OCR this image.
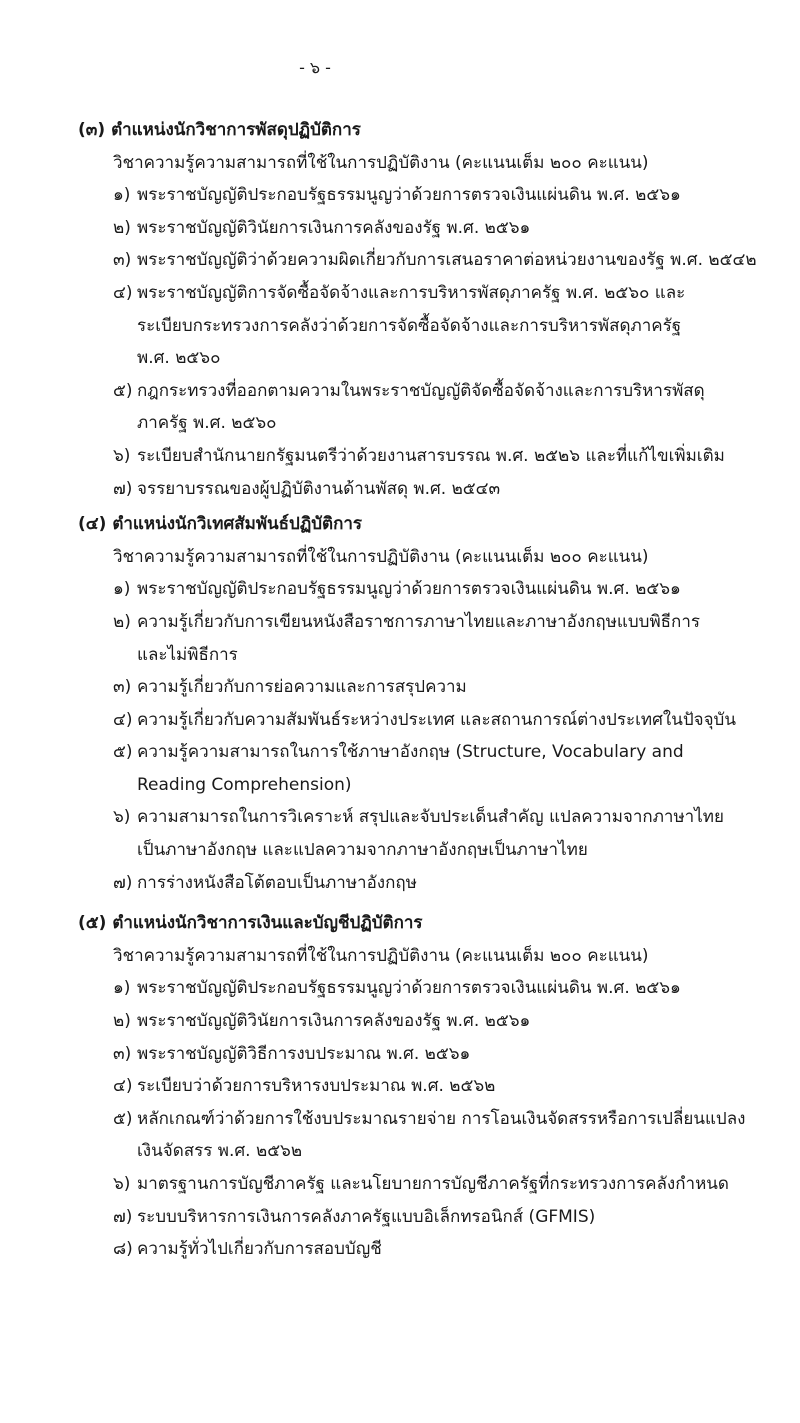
- ๖ -
(๓) ตำแหน่งนักวิชาการพัสดุปฏิบัติการ
วิชาความรู้ความสามารถที่ใช้ในการปฏิบัติงาน (คะแนนเต็ม ๒๐๐ คะแนน)
๑) พระราชบัญญัติประกอบรัฐธรรมนูญว่าด้วยการตรวจเงินแผ่นดิน พ.ศ. ๒๕๖๑
๒) พระราชบัญญัติวินัยการเงินการคลังของรัฐ พ.ศ. ๒๕๖๑
๓) พระราชบัญญัติว่าด้วยความผิดเกี่ยวกับการเสนอราคาต่อหน่วยงานของรัฐ พ.ศ. ๒๕๔๒
๔) พระราชบัญญัติการจัดซื้อจัดจ้างและการบริหารพัสดุภาครัฐ พ.ศ. ๒๕๖๐ และ
ระเบียบกระทรวงการคลังว่าด้วยการจัดซื้อจัดจ้างและการบริหารพัสดุภาครัฐ
พ.ศ. ๒๕๖๐
๕) กฎกระทรวงที่ออกตามความในพระราชบัญญัติจัดซื้อจัดจ้างและการบริหารพัสดุ
ภาครัฐ พ.ศ. ๒๕๖๐
๖) ระเบียบสำนักนายกรัฐมนตรีว่าด้วยงานสารบรรณ พ.ศ. ๒๕๒๖ และที่แก้ไขเพิ่มเติม
๗) จรรยาบรรณของผู้ปฏิบัติงานด้านพัสดุ พ.ศ. ๒๕๔๓
(๔) ตำแหน่งนักวิเทศสัมพันธ์ปฏิบัติการ
วิชาความรู้ความสามารถที่ใช้ในการปฏิบัติงาน (คะแนนเต็ม ๒๐๐ คะแนน)
๑) พระราชบัญญัติประกอบรัฐธรรมนูญว่าด้วยการตรวจเงินแผ่นดิน พ.ศ. ๒๕๖๑
๒) ความรู้เกี่ยวกับการเขียนหนังสือราชการภาษาไทยและภาษาอังกฤษแบบพิธีการ
และไม่พิธีการ
๓) ความรู้เกี่ยวกับการย่อความและการสรุปความ
๔) ความรู้เกี่ยวกับความสัมพันธ์ระหว่างประเทศ และสถานการณ์ต่างประเทศในปัจจุบัน
๕) ความรู้ความสามารถในการใช้ภาษาอังกฤษ (Structure, Vocabulary and
Reading Comprehension)
๖) ความสามารถในการวิเคราะห์ สรุปและจับประเด็นสำคัญ แปลความจากภาษาไทย
เป็นภาษาอังกฤษ และแปลความจากภาษาอังกฤษเป็นภาษาไทย
๗) การร่างหนังสือโต้ตอบเป็นภาษาอังกฤษ
(๕) ตำแหน่งนักวิชาการเงินและบัญชีปฏิบัติการ
วิชาความรู้ความสามารถที่ใช้ในการปฏิบัติงาน (คะแนนเต็ม ๒๐๐ คะแนน)
๑) พระราชบัญญัติประกอบรัฐธรรมนูญว่าด้วยการตรวจเงินแผ่นดิน พ.ศ. ๒๕๖๑
๒) พระราชบัญญัติวินัยการเงินการคลังของรัฐ พ.ศ. ๒๕๖๑
๓) พระราชบัญญัติวิธีการงบประมาณ พ.ศ. ๒๕๖๑
๔) ระเบียบว่าด้วยการบริหารงบประมาณ พ.ศ. ๒๕๖๒
๕) หลักเกณฑ์ว่าด้วยการใช้งบประมาณรายจ่าย การโอนเงินจัดสรรหรือการเปลี่ยนแปลง
เงินจัดสรร พ.ศ. ๒๕๖๒
๖) มาตรฐานการบัญชีภาครัฐ และนโยบายการบัญชีภาครัฐที่กระทรวงการคลังกำหนด
๗) ระบบบริหารการเงินการคลังภาครัฐแบบอิเล็กทรอนิกส์ (GFMIS)
๘) ความรู้ทั่วไปเกี่ยวกับการสอบบัญชี
